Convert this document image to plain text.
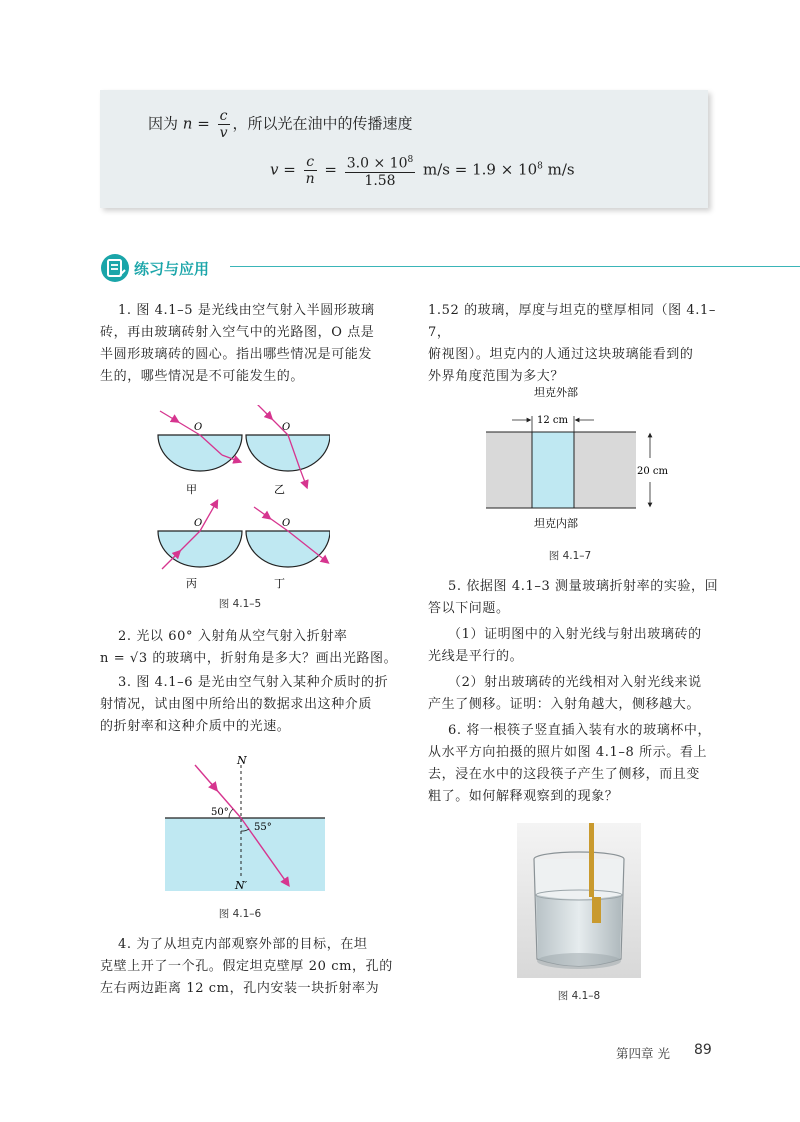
因为 $n = \frac{c}{v}$ ，所以光在油中的传播速度
$v = \frac{c}{n} = \frac{3.0 \times 10^8}{1.58} m/s = 1.9 \times 10^8$ m/s
练习与应用
1. 图 4.1–5 是光线由空气射入半圆形玻璃
砖，再由玻璃砖射入空气中的光路图，O 点是
半圆形玻璃砖的圆心。指出哪些情况是可能发
生的，哪些情况是不可能发生的。
O	O
O	O
甲	乙
丙	丁
图 4.1–5
2. 光以 60° 入射角从空气射入折射率
n = √3 的玻璃中，折射角是多大？画出光路图。
3. 图 4.1–6 是光由空气射入某种介质时的折
射情况，试由图中所给出的数据求出这种介质
的折射率和这种介质中的光速。
N
N′
50°
55°
图 4.1–6
4. 为了从坦克内部观察外部的目标，在坦
克壁上开了一个孔。假定坦克壁厚 20 cm，孔的
左右两边距离 12 cm，孔内安装一块折射率为
1.52 的玻璃，厚度与坦克的壁厚相同（图 4.1–7，
俯视图）。坦克内的人通过这块玻璃能看到的
外界角度范围为多大？
坦克外部
12 cm
20 cm
坦克内部
图 4.1–7
5. 依据图 4.1–3 测量玻璃折射率的实验，回
答以下问题。
（1）证明图中的入射光线与射出玻璃砖的
光线是平行的。
（2）射出玻璃砖的光线相对入射光线来说
产生了侧移。证明：入射角越大，侧移越大。
6. 将一根筷子竖直插入装有水的玻璃杯中，
从水平方向拍摄的照片如图 4.1–8 所示。看上
去，浸在水中的这段筷子产生了侧移，而且变
粗了。如何解释观察到的现象？
图 4.1–8
第四章 光 89
